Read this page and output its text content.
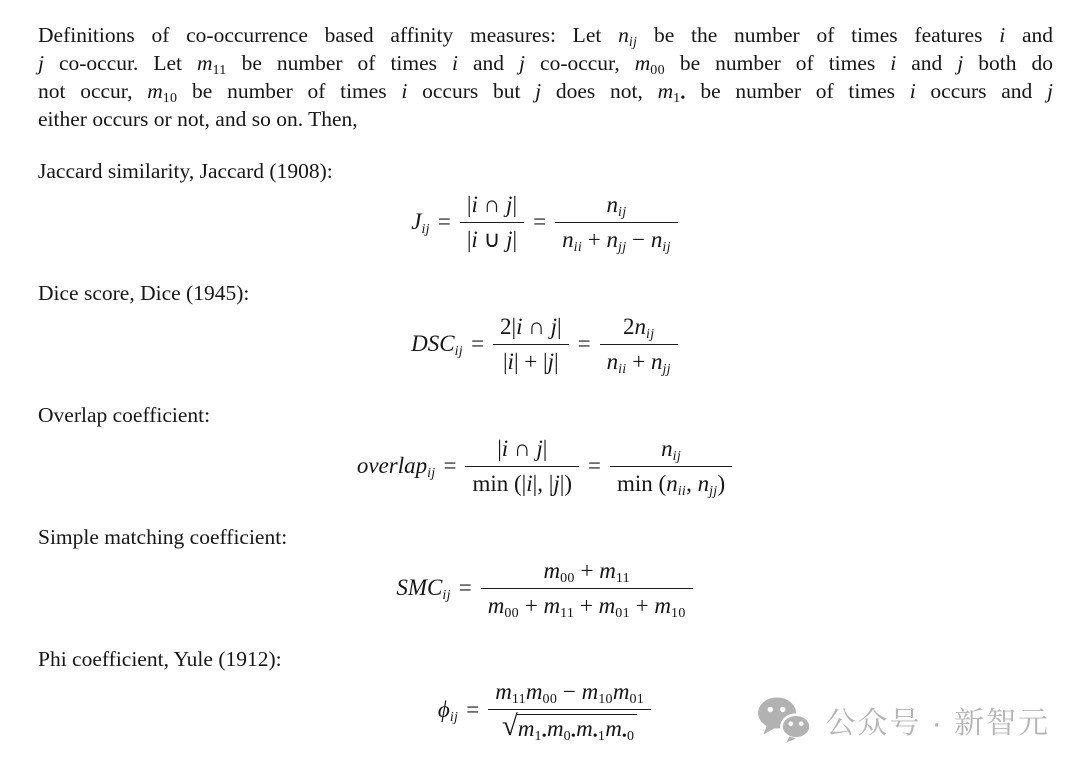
Definitions of co-occurrence based affinity measures: Let $n_{ij}$ be the number of times features i and
j co-occur. Let $m_{11}$ be number of times i and j co-occur, $m_{00}$ be number of times i and j both do
not occur, $m_{10}$ be number of times i occurs but j does not, $m_{1•}$ be number of times i occurs and j
either occurs or not, and so on. Then,
Jaccard similarity, Jaccard (1908):
$J_{ij} = \frac{|i \cap j|}{|i \cup j|} = \frac{n_{ij}}{n_{ii} + n_{jj} - n_{ij}}$
Dice score, Dice (1945):
$DSC_{ij} = \frac{2|i \cap j|}{|i| + |j|} = \frac{2n_{ij}}{n_{ii} + n_{jj}}$
Overlap coefficient:
overlap$_{ij}$ = $\frac{|i \cap j|}{\min (|i|, |j|)} = \frac{n_{ij}}{\min (n_{ii}, n_{jj})}$
Simple matching coefficient:
$SMC_{ij} = \frac{m_{00} + m_{11}}{m_{00} + m_{11} + m_{01} + m_{10}}$
Phi coefficient, Yule (1912):
$\phi_{ij} = \frac{m_{11}m_{00} - m_{10}m_{01}}{√ m_{1•}m_{0•}m_{•1}m_{•0}}$	公众号 · 新智元
